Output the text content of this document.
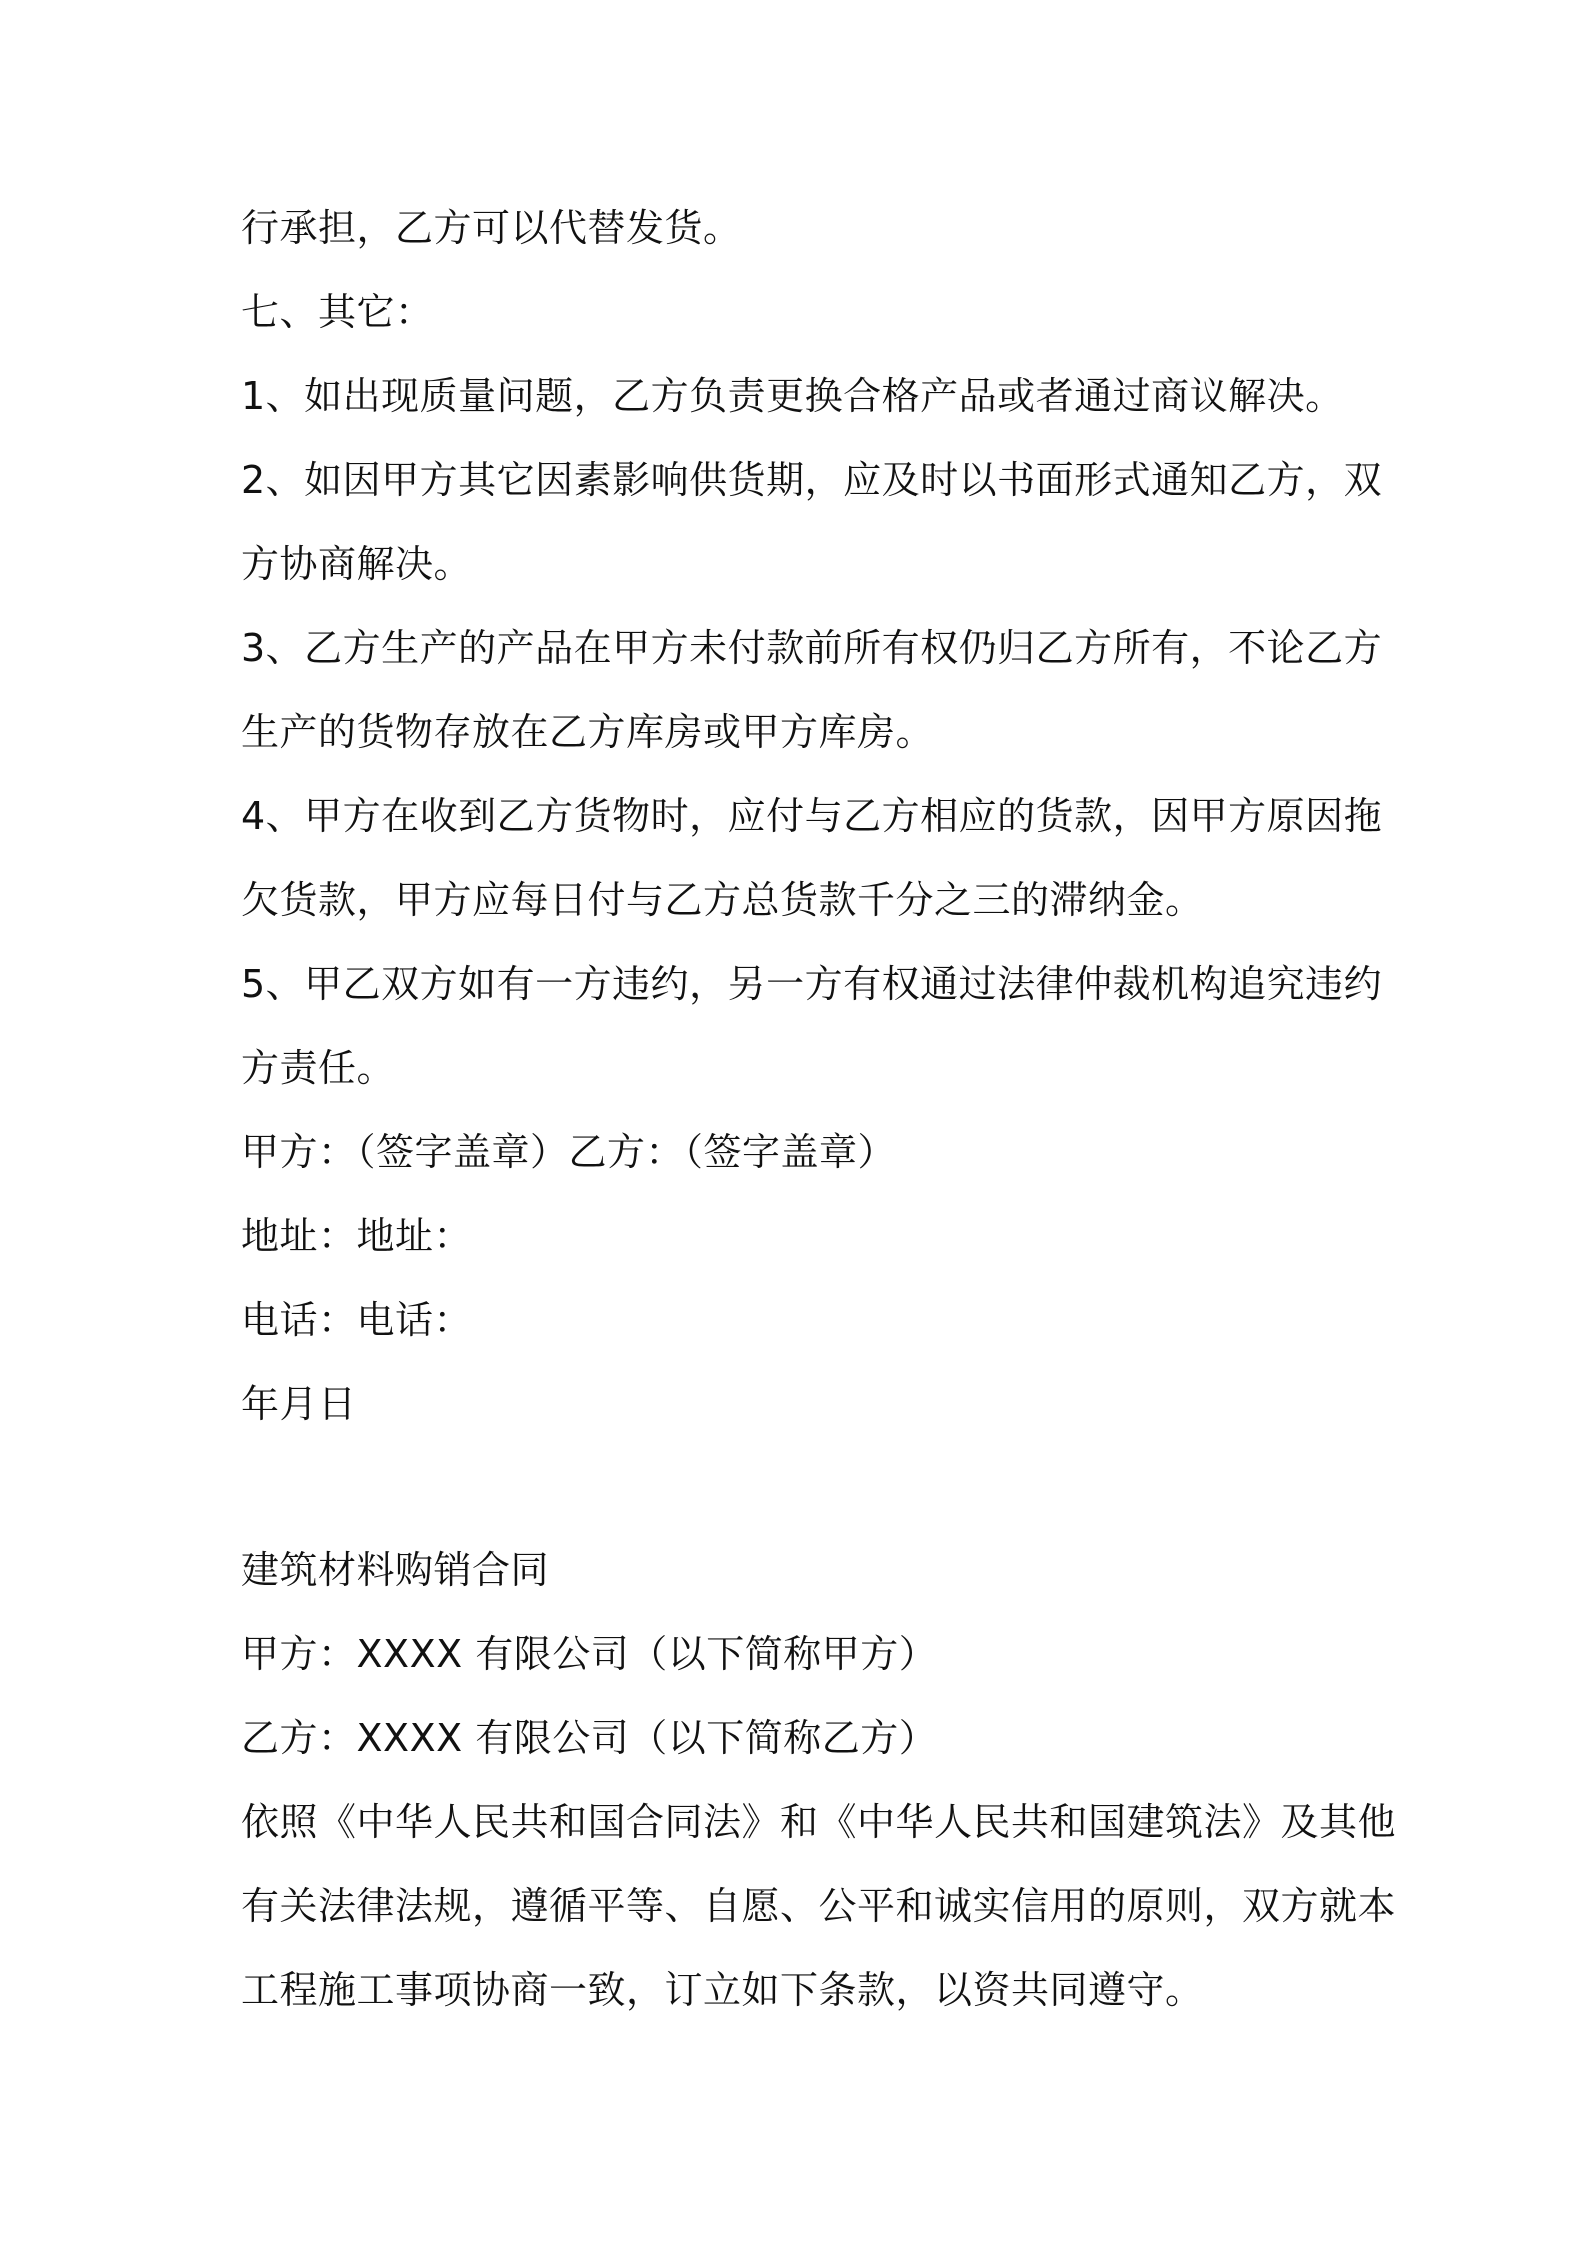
行承担，乙方可以代替发货。
七、其它：
1、如出现质量问题，乙方负责更换合格产品或者通过商议解决。
2、如因甲方其它因素影响供货期，应及时以书面形式通知乙方，双
方协商解决。
3、乙方生产的产品在甲方未付款前所有权仍归乙方所有，不论乙方
生产的货物存放在乙方库房或甲方库房。
4、甲方在收到乙方货物时，应付与乙方相应的货款，因甲方原因拖
欠货款，甲方应每日付与乙方总货款千分之三的滞纳金。
5、甲乙双方如有一方违约，另一方有权通过法律仲裁机构追究违约
方责任。
甲方：（签字盖章）乙方：（签字盖章）
地址：地址：
电话：电话：
年月日
建筑材料购销合同
甲方：XXXX 有限公司（以下简称甲方）
乙方：XXXX 有限公司（以下简称乙方）
依照《中华人民共和国合同法》和《中华人民共和国建筑法》及其他
有关法律法规，遵循平等、自愿、公平和诚实信用的原则，双方就本
工程施工事项协商一致，订立如下条款，以资共同遵守。
